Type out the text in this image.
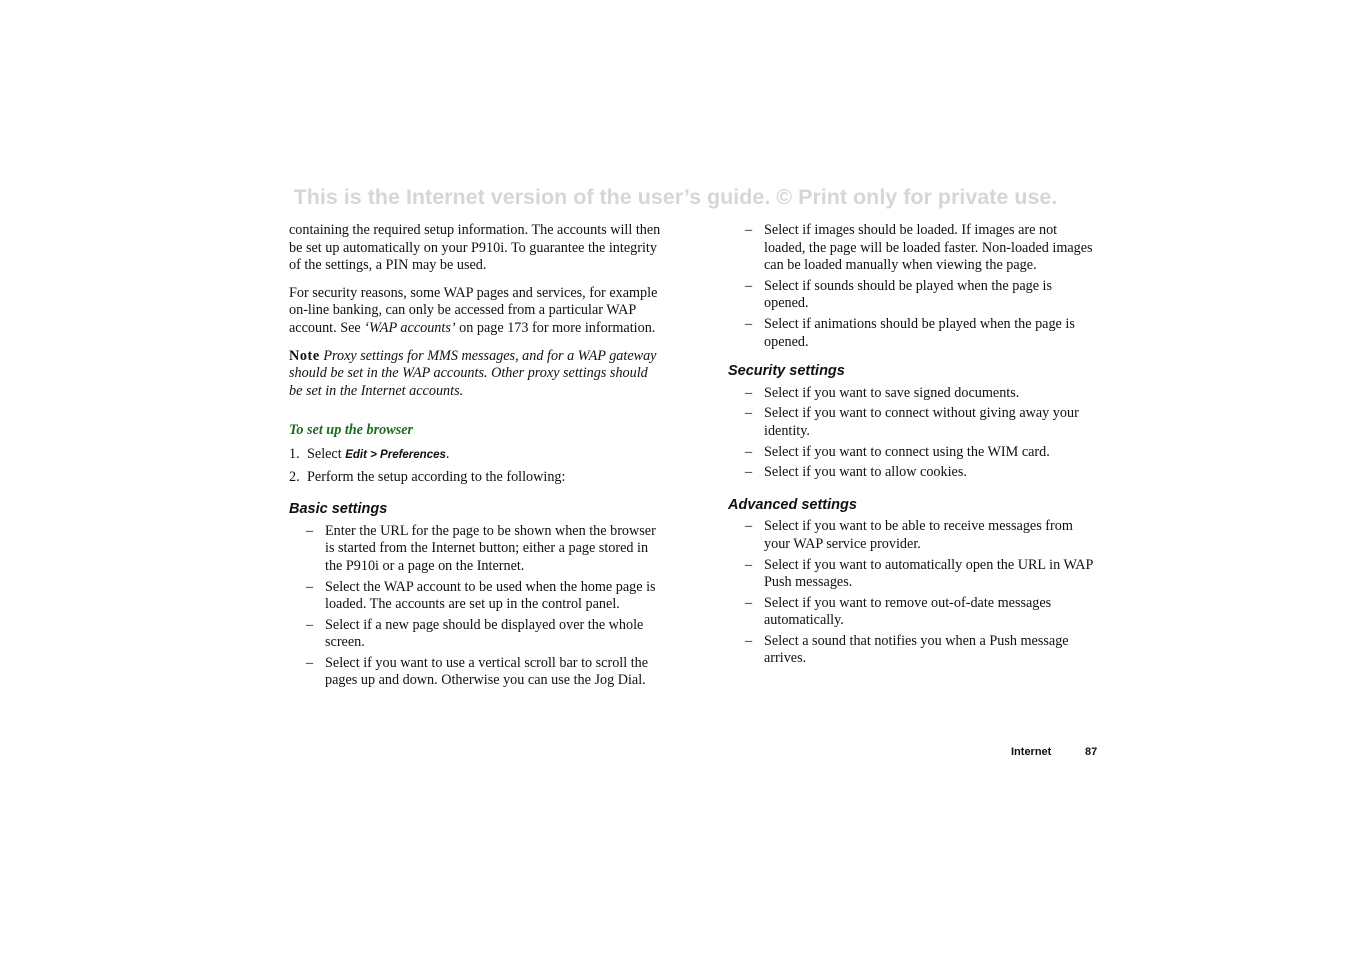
This is the Internet version of the user’s guide. © Print only for private use.

containing the required setup information. The accounts will then be set up automatically on your P910i. To guarantee the integrity of the settings, a PIN may be used.

For security reasons, some WAP pages and services, for example on-line banking, can only be accessed from a particular WAP account. See ‘WAP accounts’ on page 173 for more information.

Note Proxy settings for MMS messages, and for a WAP gateway should be set in the WAP accounts. Other proxy settings should be set in the Internet accounts.

To set up the browser
1. Select Edit > Preferences.
2. Perform the setup according to the following:
Basic settings
– Enter the URL for the page to be shown when the browser is started from the Internet button; either a page stored in the P910i or a page on the Internet.
– Select the WAP account to be used when the home page is loaded. The accounts are set up in the control panel.
– Select if a new page should be displayed over the whole screen.
– Select if you want to use a vertical scroll bar to scroll the pages up and down. Otherwise you can use the Jog Dial.
– Select if images should be loaded. If images are not loaded, the page will be loaded faster. Non-loaded images can be loaded manually when viewing the page.
– Select if sounds should be played when the page is opened.
– Select if animations should be played when the page is opened.
Security settings
– Select if you want to save signed documents.
– Select if you want to connect without giving away your identity.
– Select if you want to connect using the WIM card.
– Select if you want to allow cookies.
Advanced settings
– Select if you want to be able to receive messages from your WAP service provider.
– Select if you want to automatically open the URL in WAP Push messages.
– Select if you want to remove out-of-date messages automatically.
– Select a sound that notifies you when a Push message arrives.
Internet	87
